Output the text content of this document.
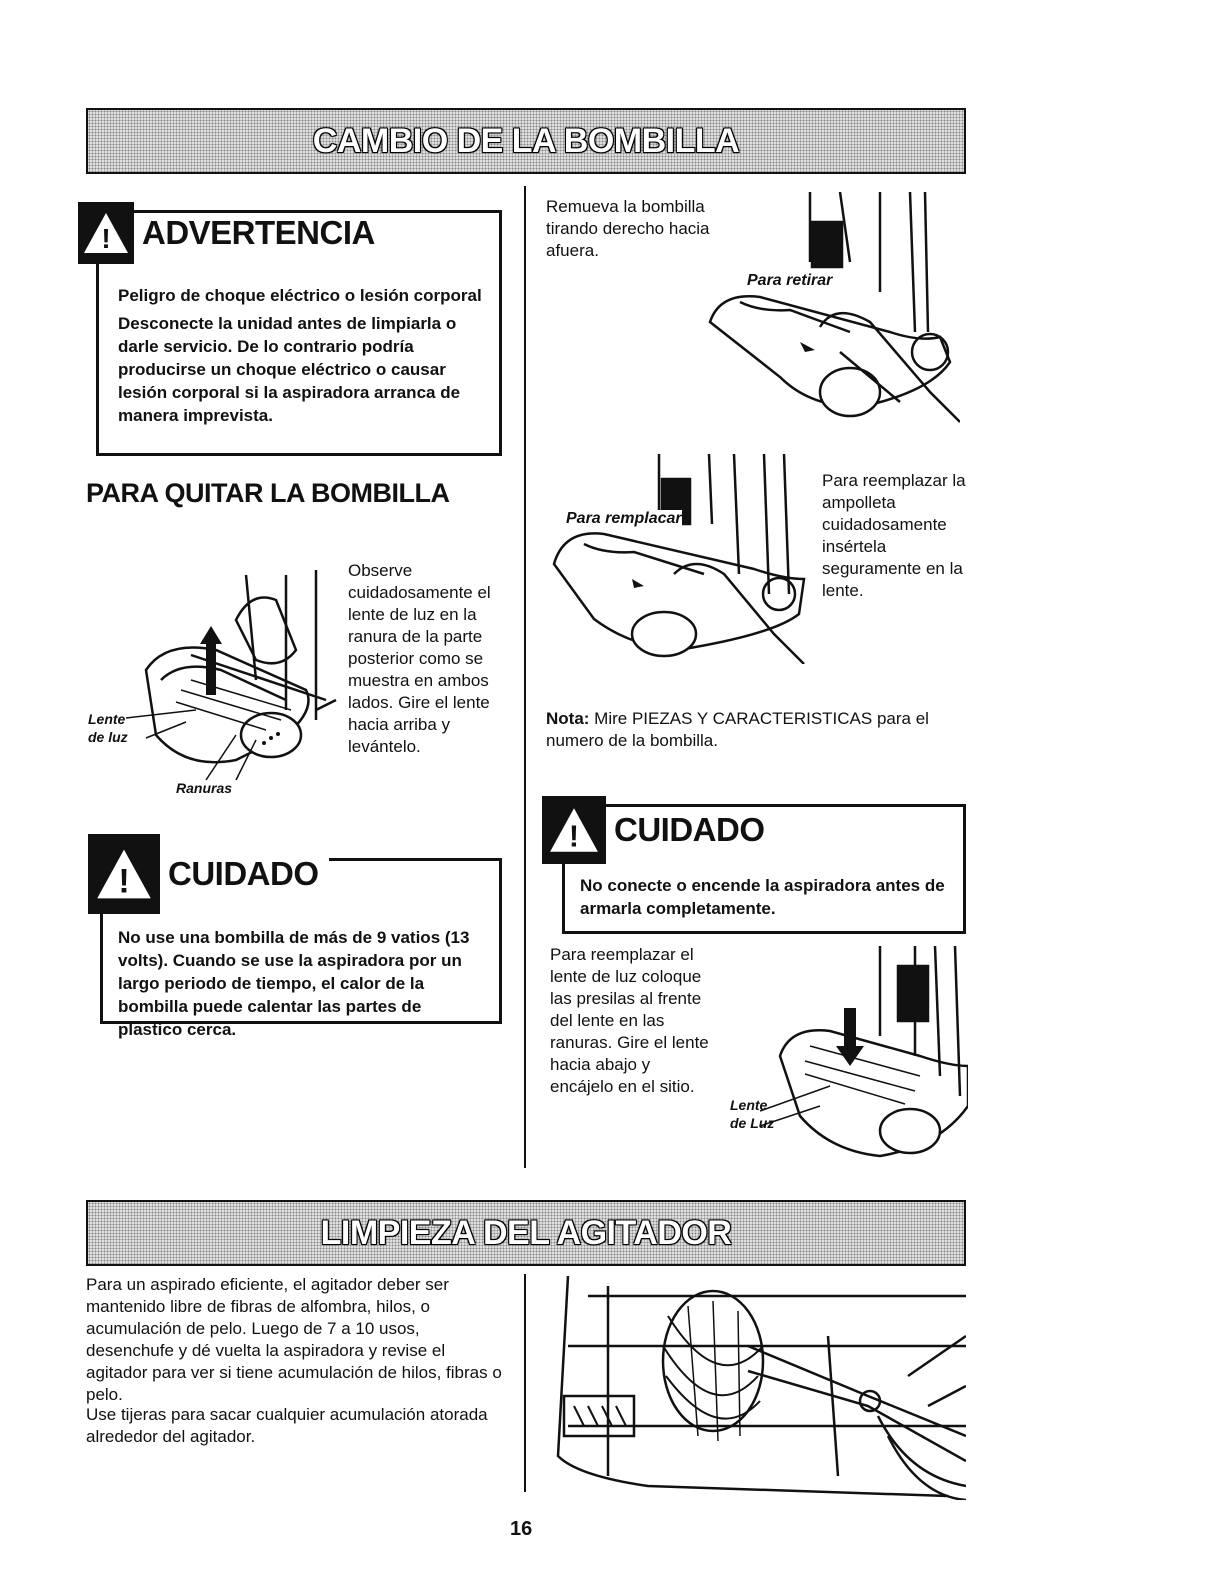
CAMBIO DE LA BOMBILLA
! ADVERTENCIA
Peligro de choque eléctrico o lesión corporal
Desconecte la unidad antes de limpiarla o darle servicio. De lo contrario podría producirse un choque eléctrico o causar lesión corporal si la aspiradora arranca de manera imprevista.
PARA QUITAR LA BOMBILLA
Lente
de luz
Ranuras
Observe cuidadosamente el lente de luz en la ranura de la parte posterior como se muestra en ambos lados. Gire el lente hacia arriba y levántelo.
! CUIDADO
No use una bombilla de más de 9 vatios (13 volts). Cuando se use la aspiradora por un largo periodo de tiempo, el calor de la bombilla puede calentar las partes de plastico cerca.
Remueva la bombilla tirando derecho hacia afuera.
Para retirar
Para remplacar
Para reemplazar la ampolleta cuidadosamente insértela seguramente en la lente.
Nota: Mire PIEZAS Y CARACTERISTICAS para el numero de la bombilla.
! CUIDADO
No conecte o encende la aspiradora antes de armarla completamente.
Para reemplazar el lente de luz coloque las presilas al frente del lente en las ranuras. Gire el lente hacia abajo y encájelo en el sitio.
Lente
de Luz
LIMPIEZA DEL AGITADOR
Para un aspirado eficiente, el agitador deber ser mantenido libre de fibras de alfombra, hilos, o acumulación de pelo. Luego de 7 a 10 usos, desenchufe y dé vuelta la aspiradora y revise el agitador para ver si tiene acumulación de hilos, fibras o pelo.
Use tijeras para sacar cualquier acumulación atorada alrededor del agitador.
16
